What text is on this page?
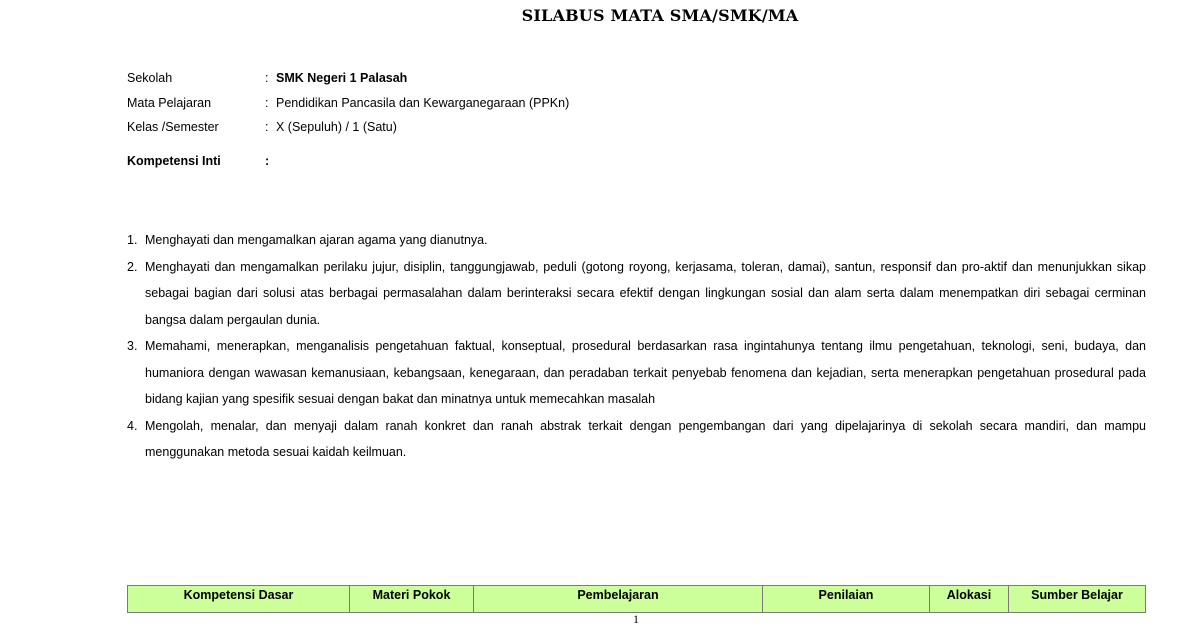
SILABUS MATA SMA/SMK/MA
Sekolah	: SMK Negeri 1 Palasah
Mata Pelajaran	: Pendidikan Pancasila dan Kewarganegaraan (PPKn)
Kelas /Semester	: X (Sepuluh) / 1 (Satu)
Kompetensi Inti	:
1. Menghayati dan mengamalkan ajaran agama yang dianutnya.
2. Menghayati dan mengamalkan perilaku jujur, disiplin, tanggungjawab, peduli (gotong royong, kerjasama, toleran, damai), santun, responsif dan pro-aktif dan menunjukkan sikap sebagai bagian dari solusi atas berbagai permasalahan dalam berinteraksi secara efektif dengan lingkungan sosial dan alam serta dalam menempatkan diri sebagai cerminan bangsa dalam pergaulan dunia.
3. Memahami, menerapkan, menganalisis pengetahuan faktual, konseptual, prosedural berdasarkan rasa ingintahunya tentang ilmu pengetahuan, teknologi, seni, budaya, dan humaniora dengan wawasan kemanusiaan, kebangsaan, kenegaraan, dan peradaban terkait penyebab fenomena dan kejadian, serta menerapkan pengetahuan prosedural pada bidang kajian yang spesifik sesuai dengan bakat dan minatnya untuk memecahkan masalah
4. Mengolah, menalar, dan menyaji dalam ranah konkret dan ranah abstrak terkait dengan pengembangan dari yang dipelajarinya di sekolah secara mandiri, dan mampu menggunakan metoda sesuai kaidah keilmuan.
Kompetensi Dasar	Materi Pokok	Pembelajaran	Penilaian	Alokasi	Sumber Belajar
1
